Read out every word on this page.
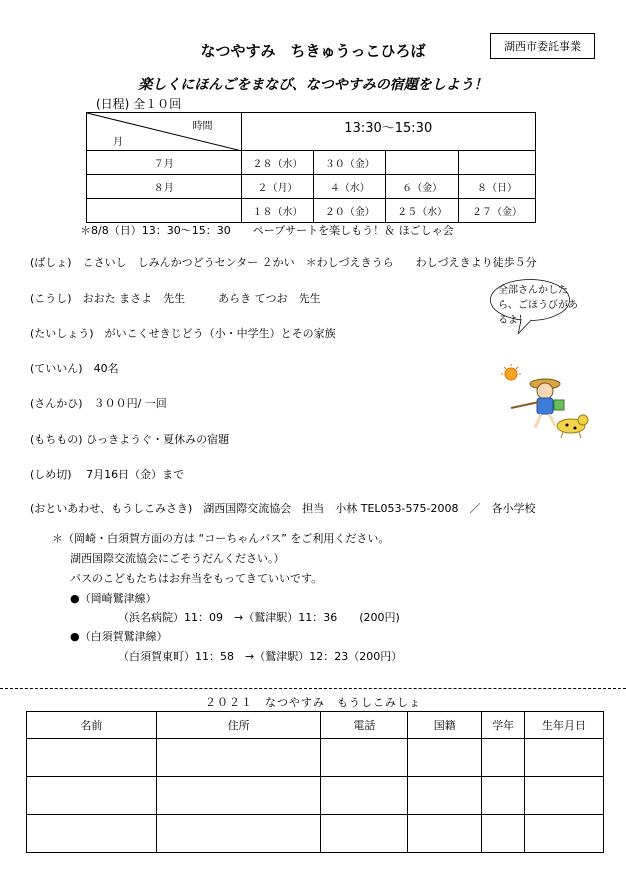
湖西市委託事業
なつやすみ　ちきゅうっこひろば
楽しくにほんごをまなび、なつやすみの宿題をしよう！
(日程) 全１０回
時間
月	13:30〜15:30			
７月	２８（水）	３０（金）		
８月	２（月）	４（水）	６（金）	８（日）
	１８（水）	２０（金）	２５（水）	２７（金）
＊8/8（日）13：30〜15：30　　ペープサートを楽しもう！＆ ほごしゃ会
(ばしょ)　こさいし　しみんかつどうセンター ２かい　＊わしづえきうら　　わしづえきより徒歩５分
(こうし)　おおた まさよ　先生　　　あらき てつお　先生
(たいしょう)　がいこくせきじどう（小・中学生）とその家族
(ていいん)　40名
(さんかひ)　３００円/ 一回
(もちもの) ひっきようぐ・夏休みの宿題
(しめ切)　 7月16日（金）まで
(おといあわせ、もうしこみさき)　湖西国際交流協会　担当　小林 TEL053-575-2008　／　各小学校
全部さんかしたら、ごほうびがあるよ！
＊（岡崎・白須賀方面の方は “コーちゃんバス” をご利用ください。
湖西国際交流協会にごそうだんください。）
バスのこどもたちはお弁当をもってきていいです。
●（岡崎鷲津線）
（浜名病院）11：09　→（鷲津駅）11：36　　(200円)
●（白須賀鷲津線）
（白須賀東町）11：58　→（鷲津駅）12：23（200円）
２０２１　なつやすみ　もうしこみしょ
名前	住所	電話	国籍	学年	生年月日
